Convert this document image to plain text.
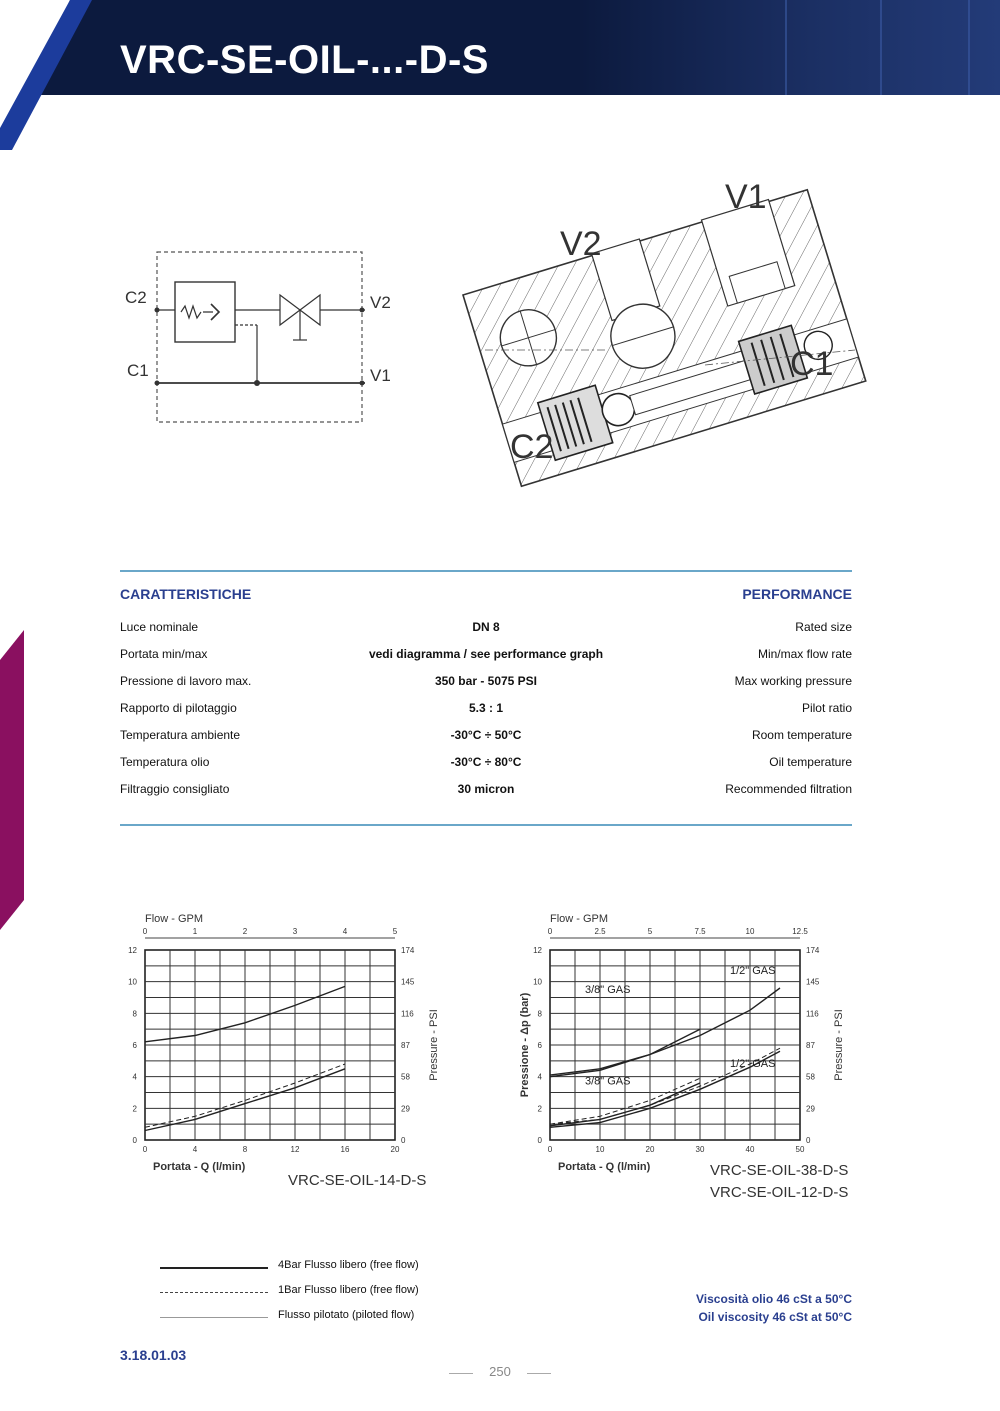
VRC-SE-OIL-...-D-S
C2
C1
V2
V1
V1
V2
C1
C2
CARATTERISTICHE	PERFORMANCE
Luce nominale	DN 8	Rated size
Portata min/max	vedi diagramma / see performance graph	Min/max flow rate
Pressione di lavoro max.	350 bar - 5075 PSI	Max working pressure
Rapporto di pilotaggio	5.3 : 1	Pilot ratio
Temperatura ambiente	-30°C ÷ 50°C	Room temperature
Temperatura olio	-30°C ÷ 80°C	Oil temperature
Filtraggio consigliato	30 micron	Recommended filtration
Flow - GPM
0	1	2	3	4	5
0	4	8	12	16	20
0
2
4
6
8
10
12
0
29
58
87
116
145
174
Pressure - PSI
Portata - Q (l/min)
VRC-SE-OIL-14-D-S
Flow - GPM
0	2.5	5	7.5	10	12.5
0	10	20	30	40	50
0
2
4
6
8
10
12
0
29
58
87
116
145
174
Pressure - PSI
Pressione - Δp (bar)
Portata - Q (l/min)	VRC-SE-OIL-38-D-S
VRC-SE-OIL-12-D-S
3/8" GAS
1/2" GAS
3/8" GAS
1/2" GAS
4Bar Flusso libero (free flow)
1Bar Flusso libero (free flow)
Flusso pilotato (piloted flow)
Viscosità olio 46 cSt a 50°C
Oil viscosity 46 cSt at 50°C
3.18.01.03
250
